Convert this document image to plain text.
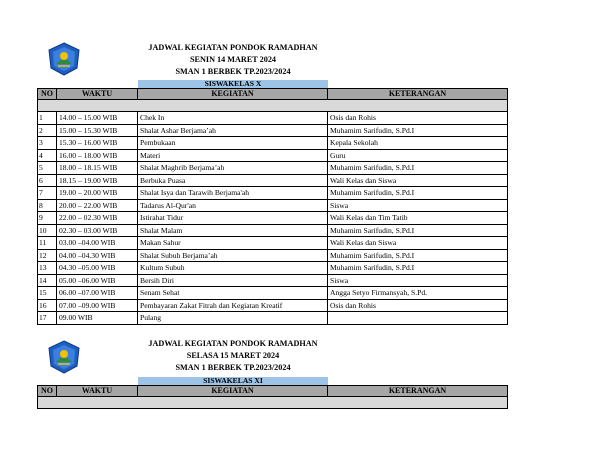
JADWAL KEGIATAN PONDOK RAMADHAN
SENIN 14 MARET 2024
SMAN 1 BERBEK TP.2023/2024
SISWAKELAS X
NO	WAKTU	KEGIATAN	KETERANGAN

1	14.00 – 15.00 WIB	Chek In	Osis dan Rohis
2	15.00 – 15.30 WIB	Shalat Ashar Berjama’ah	Muhamim Sarifudin, S.Pd.I
3	15.30 – 16.00 WIB	Pembukaan	Kepala Sekolah
4	16.00 – 18.00 WIB	Materi	Guru
5	18.00 – 18.15 WIB	Shalat Maghrib Berjama’ah	Muhamim Sarifudin, S.Pd.I
6	18.15 – 19.00 WIB	Berbuka Puasa	Wali Kelas dan Siswa
7	19.00 – 20.00 WIB	Shalat Isya dan Tarawih Berjama'ah	Muhamim Sarifudin, S.Pd.I
8	20.00 – 22.00 WIB	Tadarus Al-Qur'an	Siswa
9	22.00 – 02.30 WIB	Istirahat Tidur	Wali Kelas dan Tim Tatib
10	02.30 – 03.00 WIB	Shalat Malam	Muhamim Sarifudin, S.Pd.I
11	03.00 –04.00 WIB	Makan Sahur	Wali Kelas dan Siswa
12	04.00 –04.30 WIB	Shalat Subuh Berjama’ah	Muhamim Sarifudin, S.Pd.I
13	04.30 –05.00 WIB	Kultum Subuh	Muhamim Sarifudin, S.Pd.I
14	05.00 –06.00 WIB	Bersih Diri	Siswa
15	06.00 –07.00 WIB	Senam Sehat	Angga Setyo Firmansyah, S.Pd.
16	07.00 –09.00 WIB	Pembayaran Zakat Fitrah dan Kegiatan Kreatif	Osis dan Rohis
17	09.00 WIB	Pulang	
JADWAL KEGIATAN PONDOK RAMADHAN
SELASA 15 MARET 2024
SMAN 1 BERBEK TP.2023/2024
SISWAKELAS XI
NO	WAKTU	KEGIATAN	KETERANGAN
